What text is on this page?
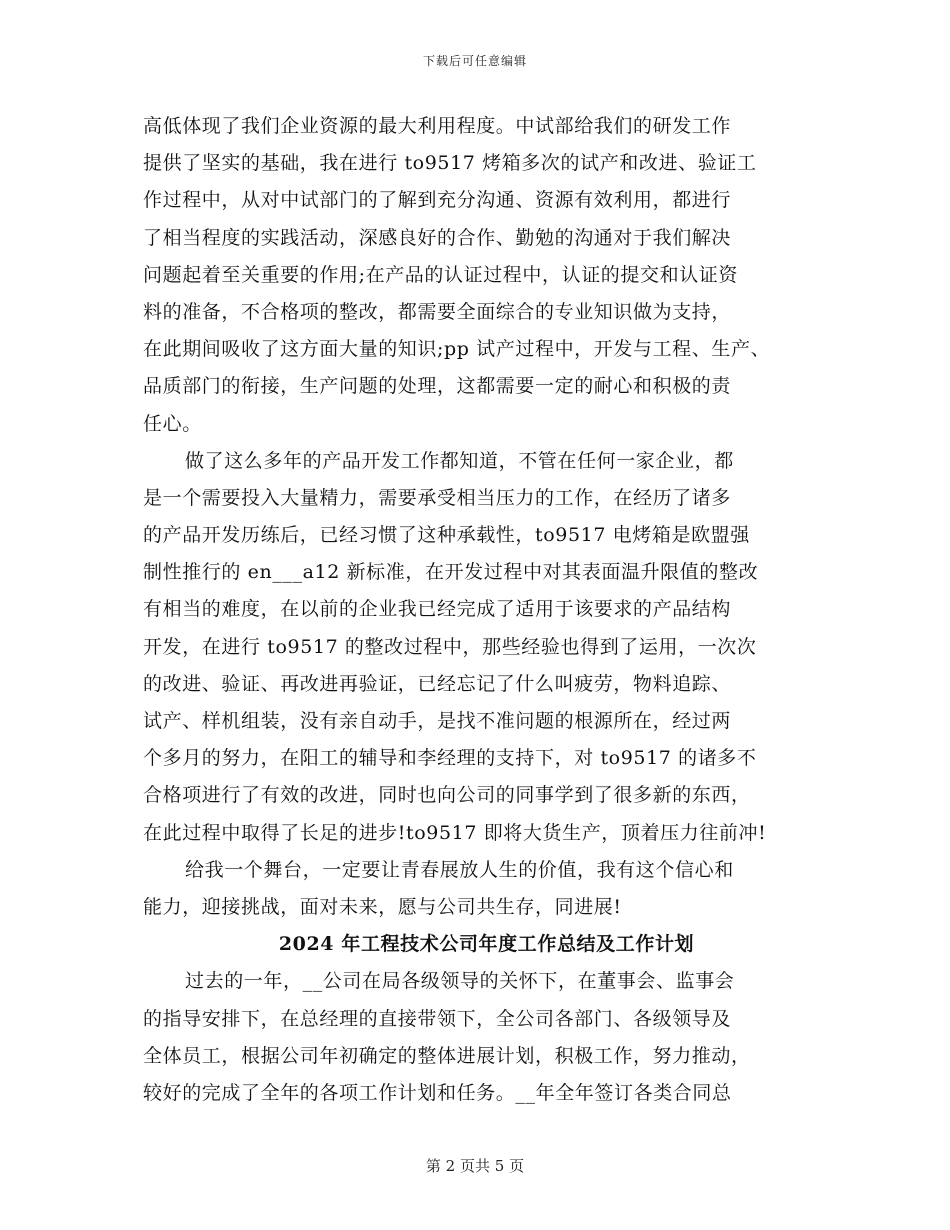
下载后可任意编辑
高低体现了我们企业资源的最大利用程度。中试部给我们的研发工作
提供了坚实的基础，我在进行 to9517 烤箱多次的试产和改进、验证工
作过程中，从对中试部门的了解到充分沟通、资源有效利用，都进行
了相当程度的实践活动，深感良好的合作、勤勉的沟通对于我们解决
问题起着至关重要的作用;在产品的认证过程中，认证的提交和认证资
料的准备，不合格项的整改，都需要全面综合的专业知识做为支持，
在此期间吸收了这方面大量的知识;pp 试产过程中，开发与工程、生产、
品质部门的衔接，生产问题的处理，这都需要一定的耐心和积极的责
任心。
做了这么多年的产品开发工作都知道，不管在任何一家企业，都
是一个需要投入大量精力，需要承受相当压力的工作，在经历了诸多
的产品开发历练后，已经习惯了这种承载性，to9517 电烤箱是欧盟强
制性推行的 en___a12 新标准，在开发过程中对其表面温升限值的整改
有相当的难度，在以前的企业我已经完成了适用于该要求的产品结构
开发，在进行 to9517 的整改过程中，那些经验也得到了运用，一次次
的改进、验证、再改进再验证，已经忘记了什么叫疲劳，物料追踪、
试产、样机组装，没有亲自动手，是找不准问题的根源所在，经过两
个多月的努力，在阳工的辅导和李经理的支持下，对 to9517 的诸多不
合格项进行了有效的改进，同时也向公司的同事学到了很多新的东西，
在此过程中取得了长足的进步!to9517 即将大货生产，顶着压力往前冲!
给我一个舞台，一定要让青春展放人生的价值，我有这个信心和
能力，迎接挑战，面对未来，愿与公司共生存，同进展!
2024 年工程技术公司年度工作总结及工作计划
过去的一年，__公司在局各级领导的关怀下，在董事会、监事会
的指导安排下，在总经理的直接带领下，全公司各部门、各级领导及
全体员工，根据公司年初确定的整体进展计划，积极工作，努力推动，
较好的完成了全年的各项工作计划和任务。__年全年签订各类合同总
第 2 页共 5 页
